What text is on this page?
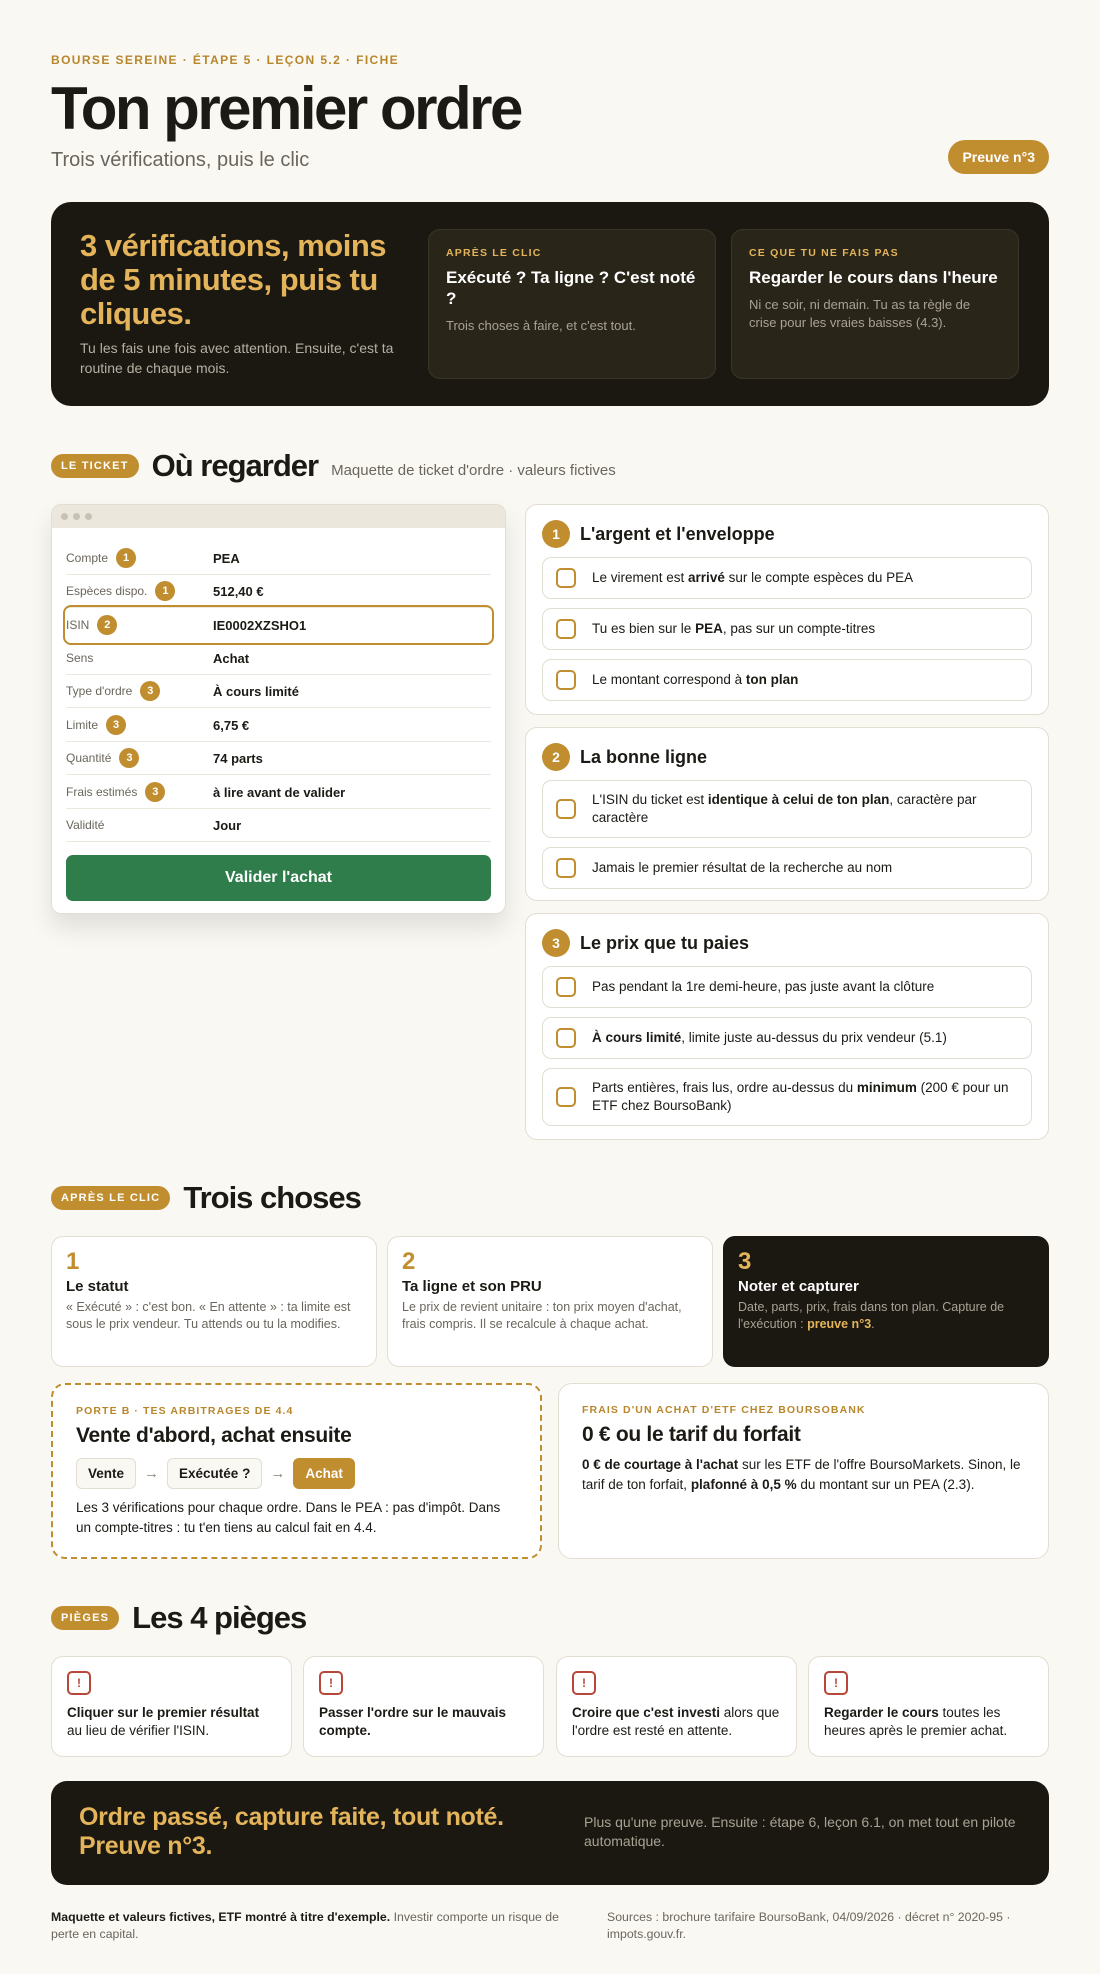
BOURSE SEREINE · ÉTAPE 5 · LEÇON 5.2 · FICHE
Ton premier ordre
Trois vérifications, puis le clic	Preuve n°3
3 vérifications, moins de 5 minutes, puis tu cliques.
Tu les fais une fois avec attention. Ensuite, c'est ta routine de chaque mois.
APRÈS LE CLIC
Exécuté ? Ta ligne ? C'est noté ?
Trois choses à faire, et c'est tout.
CE QUE TU NE FAIS PAS
Regarder le cours dans l'heure
Ni ce soir, ni demain. Tu as ta règle de crise pour les vraies baisses (4.3).
LE TICKET Où regarder Maquette de ticket d'ordre · valeurs fictives
Compte	1	PEA
Espèces dispo.	1	512,40 €
ISIN	2	IE0002XZSHO1
Sens	Achat
Type d'ordre	3	À cours limité
Limite	3	6,75 €
Quantité	3	74 parts
Frais estimés	3	à lire avant de valider
Validité	Jour
Valider l'achat
1	L'argent et l'enveloppe
Le virement est arrivé sur le compte espèces du PEA
Tu es bien sur le PEA, pas sur un compte-titres
Le montant correspond à ton plan
2	La bonne ligne
L'ISIN du ticket est identique à celui de ton plan, caractère par caractère
Jamais le premier résultat de la recherche au nom
3	Le prix que tu paies
Pas pendant la 1re demi-heure, pas juste avant la clôture
À cours limité, limite juste au-dessus du prix vendeur (5.1)
Parts entières, frais lus, ordre au-dessus du minimum (200 € pour un ETF chez BoursoBank)
APRÈS LE CLIC Trois choses
1
Le statut
« Exécuté » : c'est bon. « En attente » : ta limite est sous le prix vendeur. Tu attends ou tu la modifies.
2
Ta ligne et son PRU
Le prix de revient unitaire : ton prix moyen d'achat, frais compris. Il se recalcule à chaque achat.
3
Noter et capturer
Date, parts, prix, frais dans ton plan. Capture de l'exécution : preuve n°3.
PORTE B · TES ARBITRAGES DE 4.4
Vente d'abord, achat ensuite
Vente	→	Exécutée ?	→	Achat
Les 3 vérifications pour chaque ordre. Dans le PEA : pas d'impôt. Dans un compte-titres : tu t'en tiens au calcul fait en 4.4.
FRAIS D'UN ACHAT D'ETF CHEZ BOURSOBANK
0 € ou le tarif du forfait
0 € de courtage à l'achat sur les ETF de l'offre BoursoMarkets. Sinon, le tarif de ton forfait, plafonné à 0,5 % du montant sur un PEA (2.3).
PIÈGES Les 4 pièges
!
Cliquer sur le premier résultat au lieu de vérifier l'ISIN.
!
Passer l'ordre sur le mauvais compte.
!
Croire que c'est investi alors que l'ordre est resté en attente.
!
Regarder le cours toutes les heures après le premier achat.
Ordre passé, capture faite, tout noté. Preuve n°3.
Plus qu'une preuve. Ensuite : étape 6, leçon 6.1, on met tout en pilote automatique.
Maquette et valeurs fictives, ETF montré à titre d'exemple. Investir comporte un risque de perte en capital.
Sources : brochure tarifaire BoursoBank, 04/09/2026 · décret n° 2020-95 · impots.gouv.fr.
